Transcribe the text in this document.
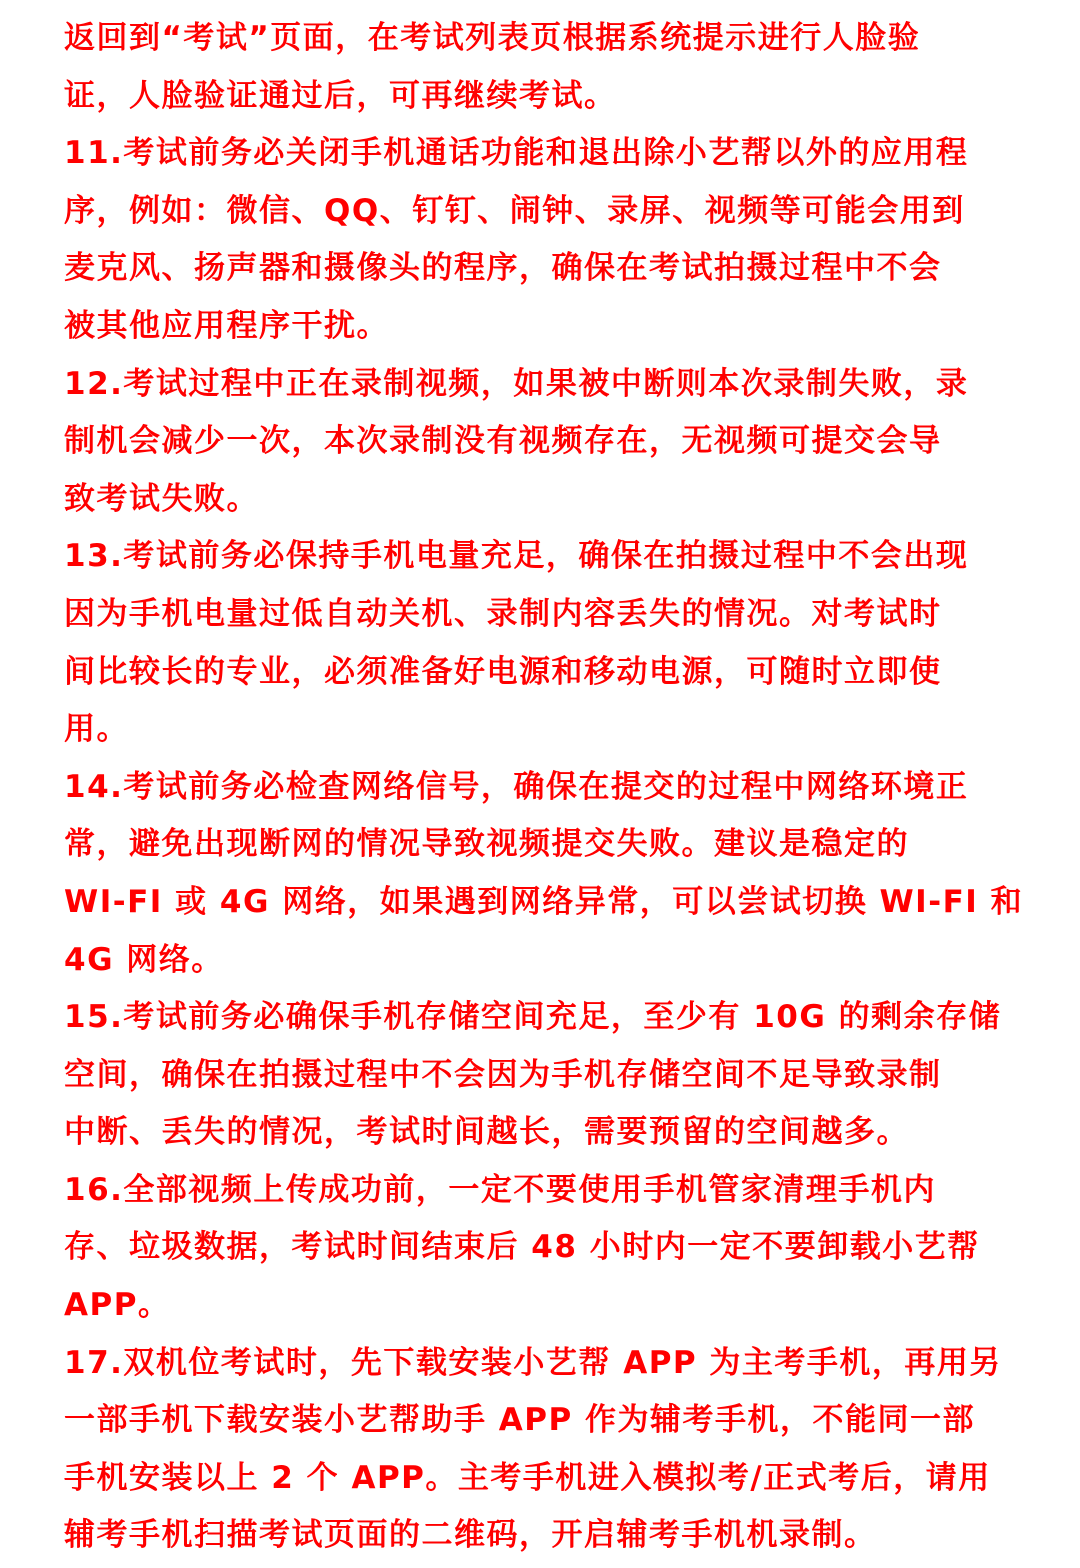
返回到“考试”页面，在考试列表页根据系统提示进行人脸验
证，人脸验证通过后，可再继续考试。
11.考试前务必关闭手机通话功能和退出除小艺帮以外的应用程
序，例如：微信、QQ、钉钉、闹钟、录屏、视频等可能会用到
麦克风、扬声器和摄像头的程序，确保在考试拍摄过程中不会
被其他应用程序干扰。
12.考试过程中正在录制视频，如果被中断则本次录制失败，录
制机会减少一次，本次录制没有视频存在，无视频可提交会导
致考试失败。
13.考试前务必保持手机电量充足，确保在拍摄过程中不会出现
因为手机电量过低自动关机、录制内容丢失的情况。对考试时
间比较长的专业，必须准备好电源和移动电源，可随时立即使
用。
14.考试前务必检查网络信号，确保在提交的过程中网络环境正
常，避免出现断网的情况导致视频提交失败。建议是稳定的
WI-FI 或 4G 网络，如果遇到网络异常，可以尝试切换 WI-FI 和
4G 网络。
15.考试前务必确保手机存储空间充足，至少有 10G 的剩余存储
空间，确保在拍摄过程中不会因为手机存储空间不足导致录制
中断、丢失的情况，考试时间越长，需要预留的空间越多。
16.全部视频上传成功前，一定不要使用手机管家清理手机内
存、垃圾数据，考试时间结束后 48 小时内一定不要卸载小艺帮
APP。
17.双机位考试时，先下载安装小艺帮 APP 为主考手机，再用另
一部手机下载安装小艺帮助手 APP 作为辅考手机，不能同一部
手机安装以上 2 个 APP。主考手机进入模拟考/正式考后，请用
辅考手机扫描考试页面的二维码，开启辅考手机机录制。
